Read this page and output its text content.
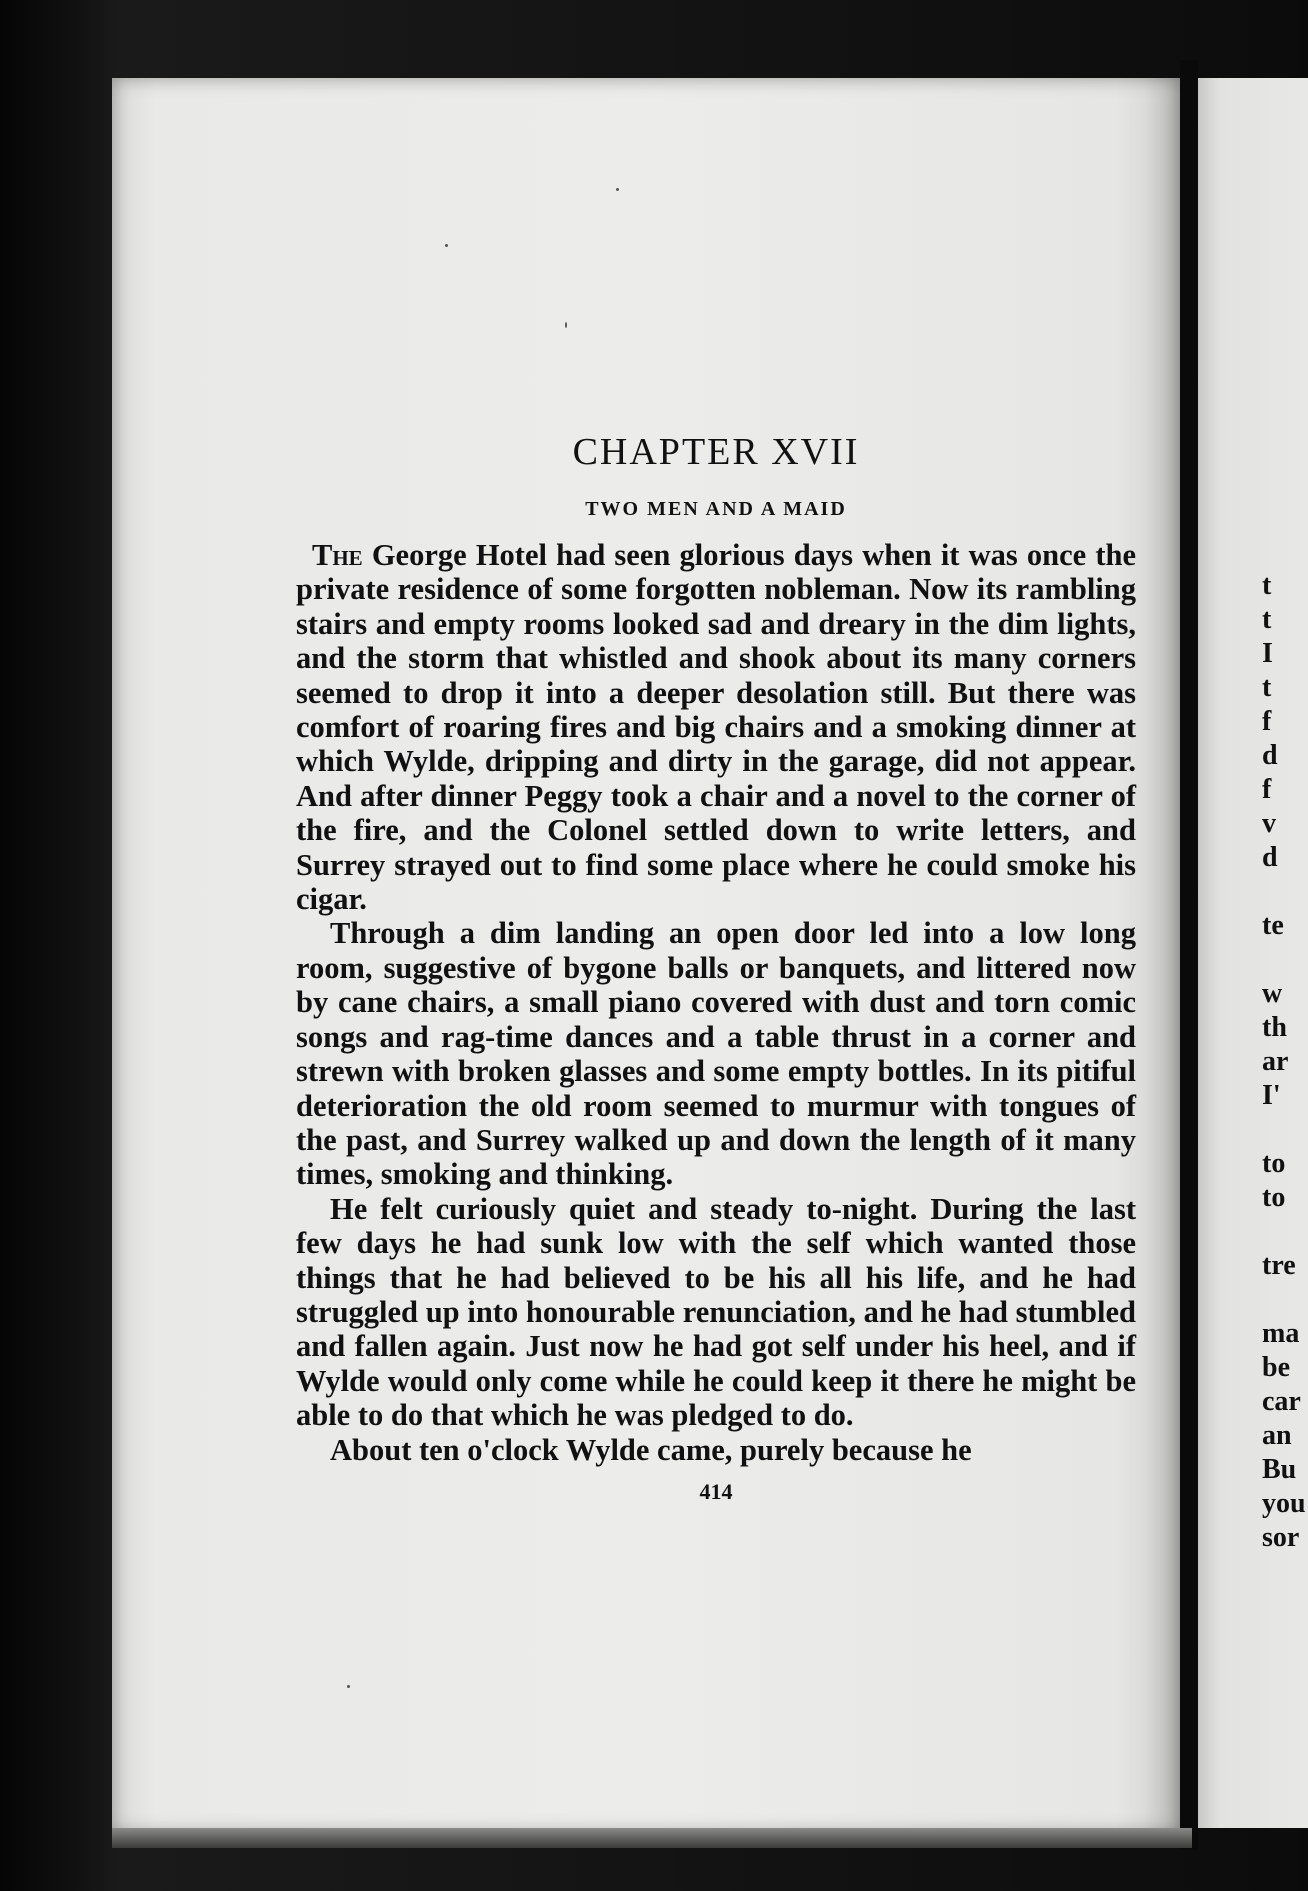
CHAPTER XVII
TWO MEN AND A MAID

The George Hotel had seen glorious days when it was once the private residence of some forgotten nobleman. Now its rambling stairs and empty rooms looked sad and dreary in the dim lights, and the storm that whistled and shook about its many corners seemed to drop it into a deeper desolation still. But there was comfort of roaring fires and big chairs and a smoking dinner at which Wylde, dripping and dirty in the garage, did not appear. And after dinner Peggy took a chair and a novel to the corner of the fire, and the Colonel settled down to write letters, and Surrey strayed out to find some place where he could smoke his cigar.

Through a dim landing an open door led into a low long room, suggestive of bygone balls or banquets, and littered now by cane chairs, a small piano covered with dust and torn comic songs and rag-time dances and a table thrust in a corner and strewn with broken glasses and some empty bottles. In its pitiful deterioration the old room seemed to murmur with tongues of the past, and Surrey walked up and down the length of it many times, smoking and thinking.

He felt curiously quiet and steady to-night. During the last few days he had sunk low with the self which wanted those things that he had believed to be his all his life, and he had struggled up into honourable renunciation, and he had stumbled and fallen again. Just now he had got self under his heel, and if Wylde would only come while he could keep it there he might be able to do that which he was pledged to do.

About ten o'clock Wylde came, purely because he

414
t
t
I
t
f
d
f
v
d
te
w
th
ar
I'
to
to
tre
ma
be
car
an
Bu
you
sor
